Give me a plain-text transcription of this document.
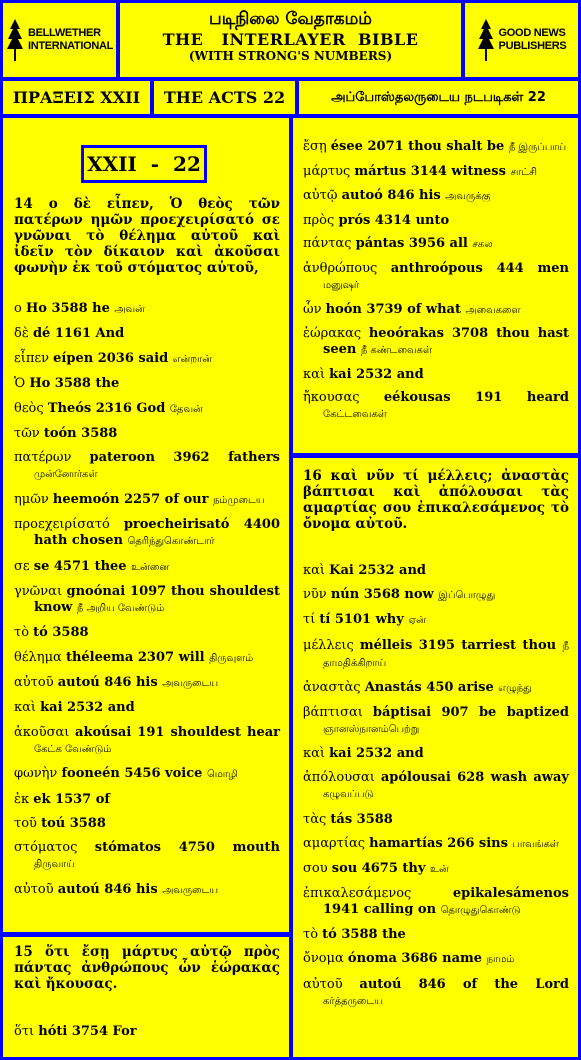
BELLWETHER
INTERNATIONAL
படிநிலை வேதாகமம்
THE   INTERLAYER  BIBLE
(WITH STRONG'S NUMBERS)
GOOD NEWS
PUBLISHERS
ΠΡΑΞΕΙΣ XXII	THE ACTS 22	அப்போஸ்தலருடைய நடபடிகள் 22
XXII  -  22
14 ο δὲ εἶπεν, Ὁ θεὸς τῶν πατέρων ημῶν προεχειρίσατό σε γνῶναι τὸ θέλημα αὐτοῦ καὶ ἰδεῖν τὸν δίκαιον καὶ ἀκοῦσαι φωνὴν ἐκ τοῦ στόματος αὐτοῦ,

ο Ho 3588 he அவன்

δὲ dé 1161 And

εἶπεν eípen 2036 said என்றான்

Ὁ Ho 3588 the

θεὸς Theós 2316 God தேவன்

τῶν toón 3588

πατέρων pateroon 3962 fathers முன்னோர்கள்

ημῶν heemoón 2257 of our நம்முடைய

προεχειρίσατό proecheirisató 4400 hath chosen தெரிந்துகொண்டார்

σε se 4571 thee உன்னை

γνῶναι gnoónai 1097 thou shouldest know நீ அறிய வேண்டும்

τὸ tó 3588

θέλημα théleema 2307 will திருவுளம்

αὐτοῦ autoú 846 his அவருடைய

καὶ kai 2532 and

ἀκοῦσαι akoúsai 191 shouldest hear கேட்க வேண்டும்

φωνὴν fooneén 5456 voice மொழி

ἐκ ek 1537 of

τοῦ toú 3588

στόματος stómatos 4750 mouth திருவாய்

αὐτοῦ autoú 846 his அவருடைய

15 ὅτι ἔσῃ μάρτυς αὐτῷ πρὸς πάντας ἀνθρώπους ὧν ἑώρακας καὶ ἤκουσας.

ὅτι hóti 3754 For

ἔσῃ ésee 2071 thou shalt be நீ இருப்பாய்

μάρτυς mártus 3144 witness சாட்சி

αὐτῷ autoó 846 his அவருக்கு

πρὸς prós 4314 unto

πάντας pántas 3956 all சகல

ἀνθρώπους anthroópous 444 men மனுஷர்

ὧν hoón 3739 of what அவைகளை

ἑώρακας heoórakas 3708 thou hast seen நீ கண்டவைகள்

καὶ kai 2532 and

ἤκουσας eékousas 191 heard கேட்டவைகள்

16 καὶ νῦν τί μέλλεις; ἀναστὰς βάπτισαι καὶ ἀπόλουσαι τὰς αμαρτίας σου ἐπικαλεσάμενος τὸ ὄνομα αὐτοῦ.

καὶ Kai 2532 and

νῦν nún 3568 now இப்பொழுது

τί tí 5101 why ஏன்

μέλλεις mélleis 3195 tarriest thou நீ தாமதிக்கிறாய்

ἀναστὰς Anastás 450 arise எழுந்து

βάπτισαι báptisai 907 be baptized ஞானஸ்நானம்பெற்று

καὶ kai 2532 and

ἀπόλουσαι apólousai 628 wash away கழுவப்படு

τὰς tás 3588

αμαρτίας hamartías 266 sins பாவங்கள்

σου sou 4675 thy உன்

ἐπικαλεσάμενος epikalesámenos 1941 calling on தொழுதுகொண்டு

τὸ tó 3588 the

ὄνομα ónoma 3686 name நாமம்

αὐτοῦ autoú 846 of the Lord கர்த்தருடைய
